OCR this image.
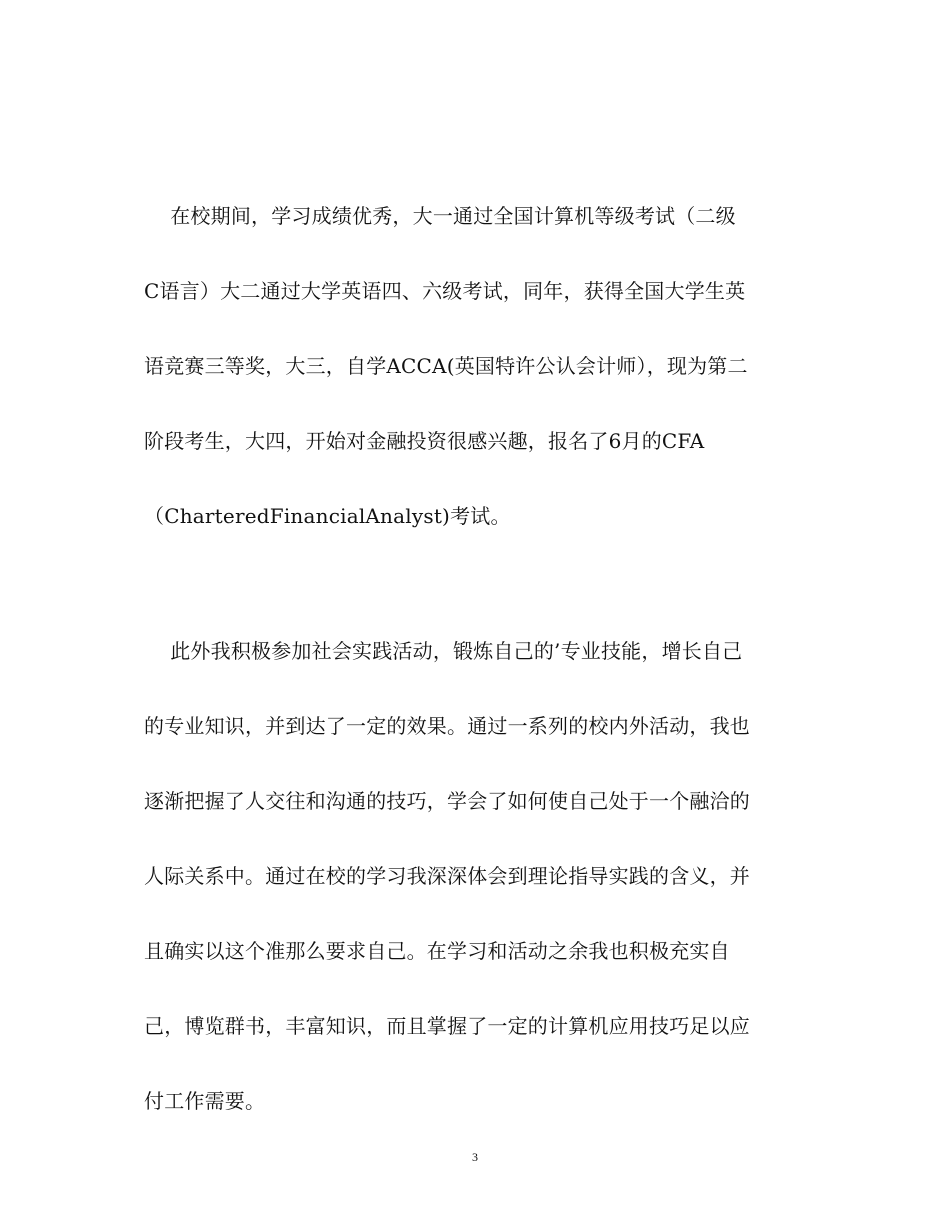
在校期间，学习成绩优秀，大一通过全国计算机等级考试（二级
C语言）大二通过大学英语四、六级考试，同年，获得全国大学生英
语竞赛三等奖，大三，自学ACCA(英国特许公认会计师），现为第二
阶段考生，大四，开始对金融投资很感兴趣，报名了6月的CFA
（CharteredFinancialAnalyst)考试。
此外我积极参加社会实践活动，锻炼自己的’专业技能，增长自己
的专业知识，并到达了一定的效果。通过一系列的校内外活动，我也
逐渐把握了人交往和沟通的技巧，学会了如何使自己处于一个融洽的
人际关系中。通过在校的学习我深深体会到理论指导实践的含义，并
且确实以这个准那么要求自己。在学习和活动之余我也积极充实自
己，博览群书，丰富知识，而且掌握了一定的计算机应用技巧足以应
付工作需要。
3
